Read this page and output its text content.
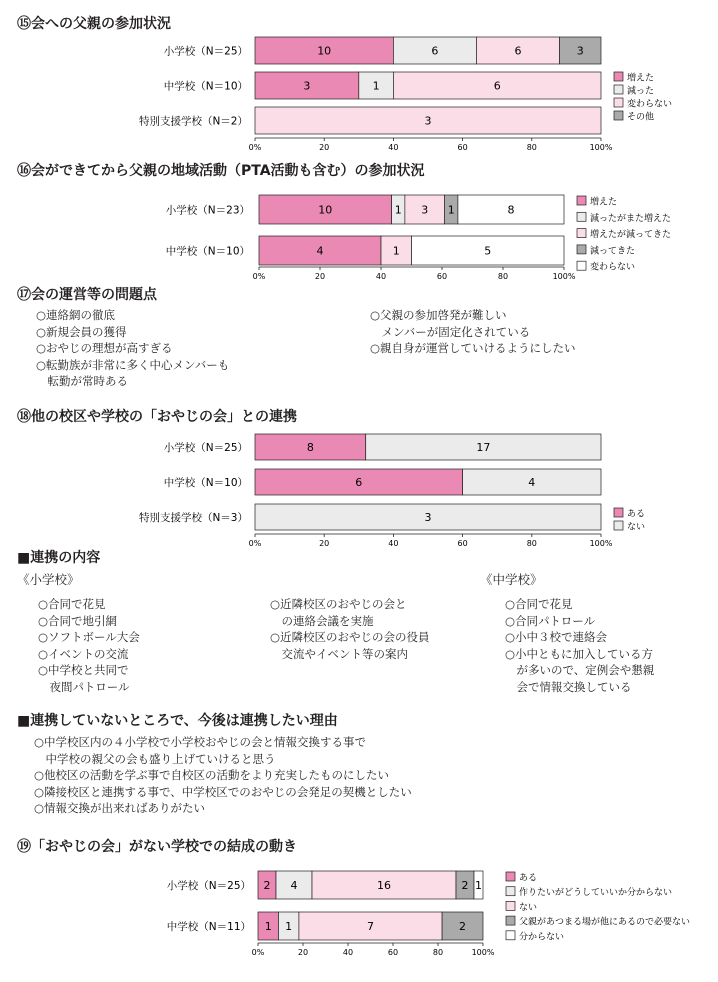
⑮会への父親の参加状況
小学校（N＝25）	10	6	6	3
中学校（N＝10）	3	1	6
特別支援学校（N＝2）	3
0%	20	40	60	80	100%
増えた
減った
変わらない
その他
⑯会ができてから父親の地域活動（PTA活動も含む）の参加状況
小学校（N＝23）	10	1 3 1	8
中学校（N＝10）	4	1	5
0%	20	40	60	80	100%
増えた
減ったがまた増えた
増えたが減ってきた
減ってきた
変わらない
⑰会の運営等の問題点
○連絡網の徹底
○新規会員の獲得
○おやじの理想が高すぎる
○転勤族が非常に多く中心メンバーも
　転勤が常時ある
○父親の参加啓発が難しい
　メンバーが固定化されている
○親自身が運営していけるようにしたい
⑱他の校区や学校の「おやじの会」との連携
小学校（N＝25）	8	17
中学校（N＝10）	6	4
特別支援学校（N＝3）	3
0%	20	40	60	80	100%
ある
ない
■連携の内容
《小学校》	《中学校》
○合同で花見
○合同で地引網
○ソフトボール大会
○イベントの交流
○中学校と共同で
　夜間パトロール
○近隣校区のおやじの会と
　の連絡会議を実施
○近隣校区のおやじの会の役員
　交流やイベント等の案内
○合同で花見
○合同パトロール
○小中３校で連絡会
○小中ともに加入している方
　が多いので、定例会や懇親
　会で情報交換している
■連携していないところで、今後は連携したい理由
○中学校区内の４小学校で小学校おやじの会と情報交換する事で
　中学校の親父の会も盛り上げていけると思う
○他校区の活動を学ぶ事で自校区の活動をより充実したものにしたい
○隣接校区と連携する事で、中学校区でのおやじの会発足の契機としたい
○情報交換が出来ればありがたい
⑲「おやじの会」がない学校での結成の動き
小学校（N＝25） 2 4	16	2 1
中学校（N＝11） 1 1	7	2
0%	20	40	60	80	100%
ある
作りたいがどうしていいか分からない
ない
父親があつまる場が他にあるので必要ない
分からない
